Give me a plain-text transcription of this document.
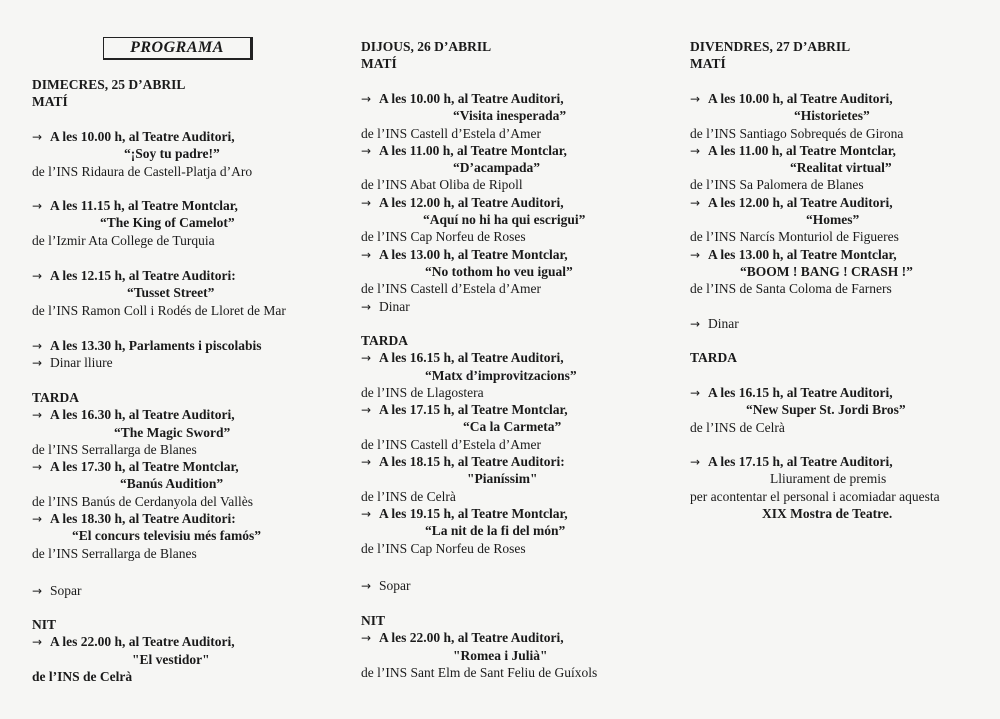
PROGRAMA
DIMECRES, 25 D’ABRIL
MATÍ
→ A les 10.00 h, al Teatre Auditori,
“¡Soy tu padre!”
de l’INS Ridaura de Castell-Platja d’Aro
→ A les 11.15 h, al Teatre Montclar,
“The King of Camelot”
de l’Izmir Ata College de Turquia
→ A les 12.15 h, al Teatre Auditori:
“Tusset Street”
de l’INS Ramon Coll i Rodés de Lloret de Mar
→ A les 13.30 h, Parlaments i piscolabis
→ Dinar lliure
TARDA
→ A les 16.30 h, al Teatre Auditori,
“The Magic Sword”
de l’INS Serrallarga de Blanes
→ A les 17.30 h, al Teatre Montclar,
“Banús Audition”
de l’INS Banús de Cerdanyola del Vallès
→ A les 18.30 h, al Teatre Auditori:
“El concurs televisiu més famós”
de l’INS Serrallarga de Blanes
→ Sopar
NIT
→ A les 22.00 h, al Teatre Auditori,
"El vestidor"
de l’INS de Celrà
DIJOUS, 26 D’ABRIL
MATÍ
→ A les 10.00 h, al Teatre Auditori,
“Visita inesperada”
de l’INS Castell d’Estela d’Amer
→ A les 11.00 h, al Teatre Montclar,
“D’acampada”
de l’INS Abat Oliba de Ripoll
→ A les 12.00 h, al Teatre Auditori,
“Aquí no hi ha qui escrigui”
de l’INS Cap Norfeu de Roses
→ A les 13.00 h, al Teatre Montclar,
“No tothom ho veu igual”
de l’INS Castell d’Estela d’Amer
→ Dinar
TARDA
→ A les 16.15 h, al Teatre Auditori,
“Matx d’improvitzacions”
de l’INS de Llagostera
→ A les 17.15 h, al Teatre Montclar,
“Ca la Carmeta”
de l’INS Castell d’Estela d’Amer
→ A les 18.15 h, al Teatre Auditori:
"Pianíssim"
de l’INS de Celrà
→ A les 19.15 h, al Teatre Montclar,
“La nit de la fi del món”
de l’INS Cap Norfeu de Roses
→ Sopar
NIT
→ A les 22.00 h, al Teatre Auditori,
"Romea i Julià"
de l’INS Sant Elm de Sant Feliu de Guíxols
DIVENDRES, 27 D’ABRIL
MATÍ
→ A les 10.00 h, al Teatre Auditori,
“Historietes”
de l’INS Santiago Sobrequés de Girona
→ A les 11.00 h, al Teatre Montclar,
“Realitat virtual”
de l’INS Sa Palomera de Blanes
→ A les 12.00 h, al Teatre Auditori,
“Homes”
de l’INS Narcís Monturiol de Figueres
→ A les 13.00 h, al Teatre Montclar,
“BOOM ! BANG ! CRASH !”
de l’INS de Santa Coloma de Farners
→ Dinar
TARDA
→ A les 16.15 h, al Teatre Auditori,
“New Super St. Jordi Bros”
de l’INS de Celrà
→ A les 17.15 h, al Teatre Auditori,
Lliurament de premis
per acontentar el personal i acomiadar aquesta
XIX Mostra de Teatre.
